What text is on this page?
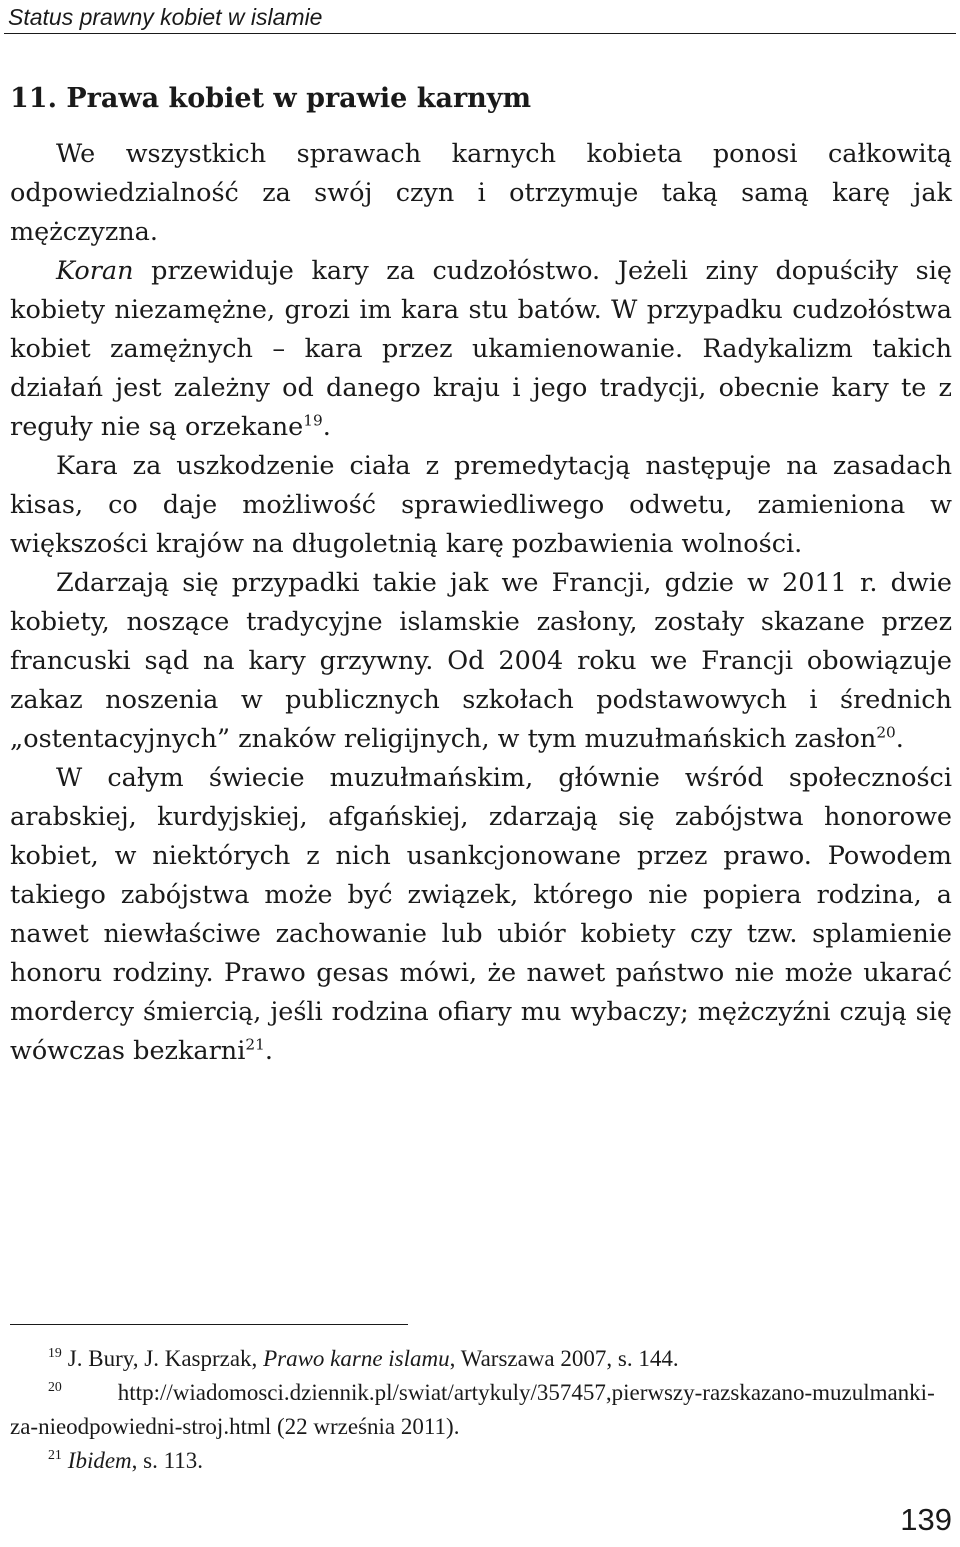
Status prawny kobiet w islamie
11. Prawa kobiet w prawie karnym

We wszystkich sprawach karnych kobieta ponosi całkowitą odpowiedzialność za swój czyn i otrzymuje taką samą karę jak mężczyzna.

Koran przewiduje kary za cudzołóstwo. Jeżeli ziny dopuściły się kobiety niezamężne, grozi im kara stu batów. W przypadku cudzołóstwa kobiet zamężnych – kara przez ukamienowanie. Radykalizm takich działań jest zależny od danego kraju i jego tradycji, obecnie kary te z reguły nie są orzekane$^{19}$.

Kara za uszkodzenie ciała z premedytacją następuje na zasadach kisas, co daje możliwość sprawiedliwego odwetu, zamieniona w większości krajów na długoletnią karę pozbawienia wolności.

Zdarzają się przypadki takie jak we Francji, gdzie w 2011 r. dwie kobiety, noszące tradycyjne islamskie zasłony, zostały skazane przez francuski sąd na kary grzywny. Od 2004 roku we Francji obowiązuje zakaz noszenia w publicznych szkołach podstawowych i średnich „ostentacyjnych” znaków religijnych, w tym muzułmańskich zasłon$^{20}$.

W całym świecie muzułmańskim, głównie wśród społeczności arabskiej, kurdyjskiej, afgańskiej, zdarzają się zabójstwa honorowe kobiet, w niektórych z nich usankcjonowane przez prawo. Powodem takiego zabójstwa może być związek, którego nie popiera rodzina, a nawet niewłaściwe zachowanie lub ubiór kobiety czy tzw. splamienie honoru rodziny. Prawo gesas mówi, że nawet państwo nie może ukarać mordercy śmiercią, jeśli rodzina ofiary mu wybaczy; mężczyźni czują się wówczas bezkarni$^{21}$.

$^{19}$ J. Bury, J. Kasprzak, Prawo karne islamu, Warszawa 2007, s. 144.

$^{20}$ http://wiadomosci.dziennik.pl/swiat/artykuly/357457,pierwszy-razskazano-muzulmanki-za-nieodpowiedni-stroj.html (22 września 2011).

$^{21}$ Ibidem, s. 113.

139
